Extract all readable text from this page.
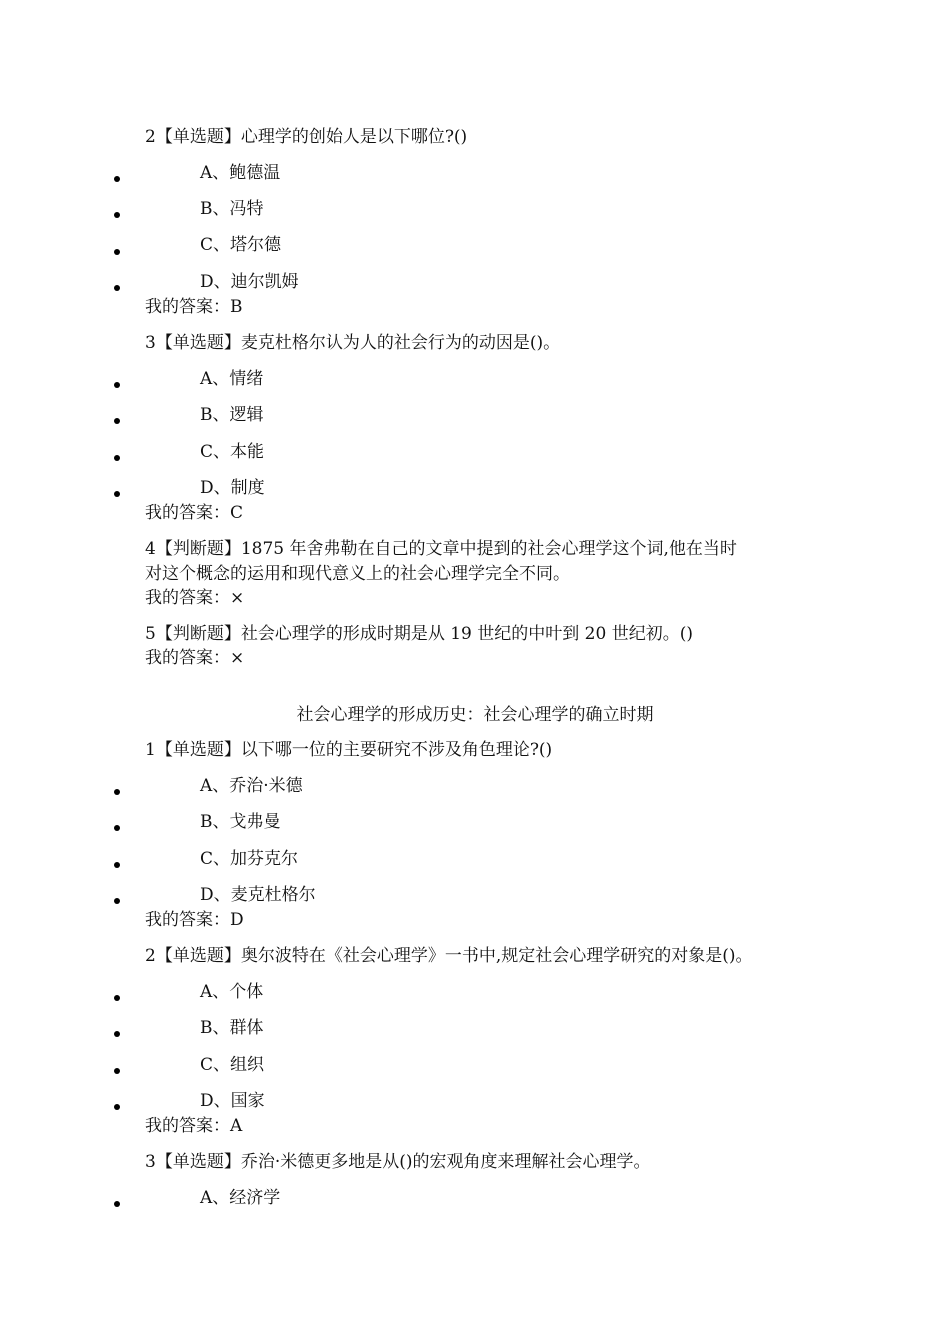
2【单选题】心理学的创始人是以下哪位?()
A、鲍德温
B、冯特
C、塔尔德
D、迪尔凯姆
我的答案：B
3【单选题】麦克杜格尔认为人的社会行为的动因是()。
A、情绪
B、逻辑
C、本能
D、制度
我的答案：C
4【判断题】1875 年舍弗勒在自己的文章中提到的社会心理学这个词,他在当时
对这个概念的运用和现代意义上的社会心理学完全不同。
我的答案：×
5【判断题】社会心理学的形成时期是从 19 世纪的中叶到 20 世纪初。()
我的答案：×
社会心理学的形成历史：社会心理学的确立时期
1【单选题】以下哪一位的主要研究不涉及角色理论?()
A、乔治·米德
B、戈弗曼
C、加芬克尔
D、麦克杜格尔
我的答案：D
2【单选题】奥尔波特在《社会心理学》一书中,规定社会心理学研究的对象是()。
A、个体
B、群体
C、组织
D、国家
我的答案：A
3【单选题】乔治·米德更多地是从()的宏观角度来理解社会心理学。
A、经济学
